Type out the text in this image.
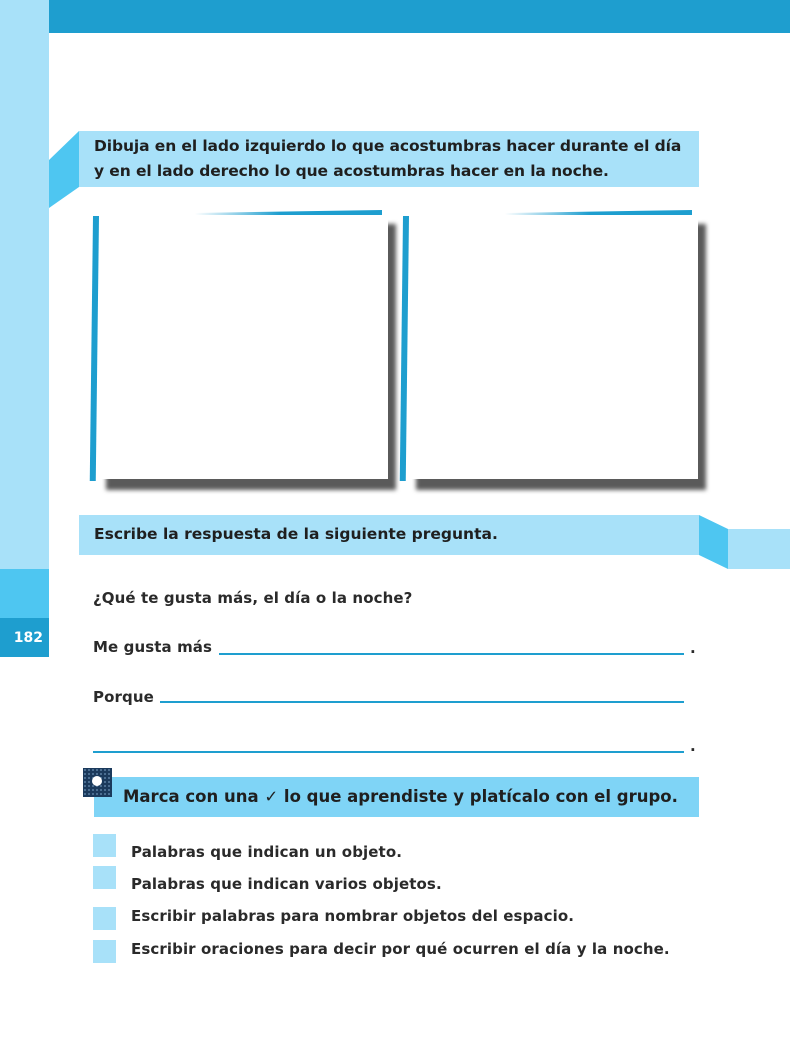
182
Dibuja en el lado izquierdo lo que acostumbras hacer durante el día
y en el lado derecho lo que acostumbras hacer en la noche.
Escribe la respuesta de la siguiente pregunta.
¿Qué te gusta más, el día o la noche?
Me gusta más	.
Porque
.
Marca con una ✓ lo que aprendiste y platícalo con el grupo.
Palabras que indican un objeto.
Palabras que indican varios objetos.
Escribir palabras para nombrar objetos del espacio.
Escribir oraciones para decir por qué ocurren el día y la noche.
